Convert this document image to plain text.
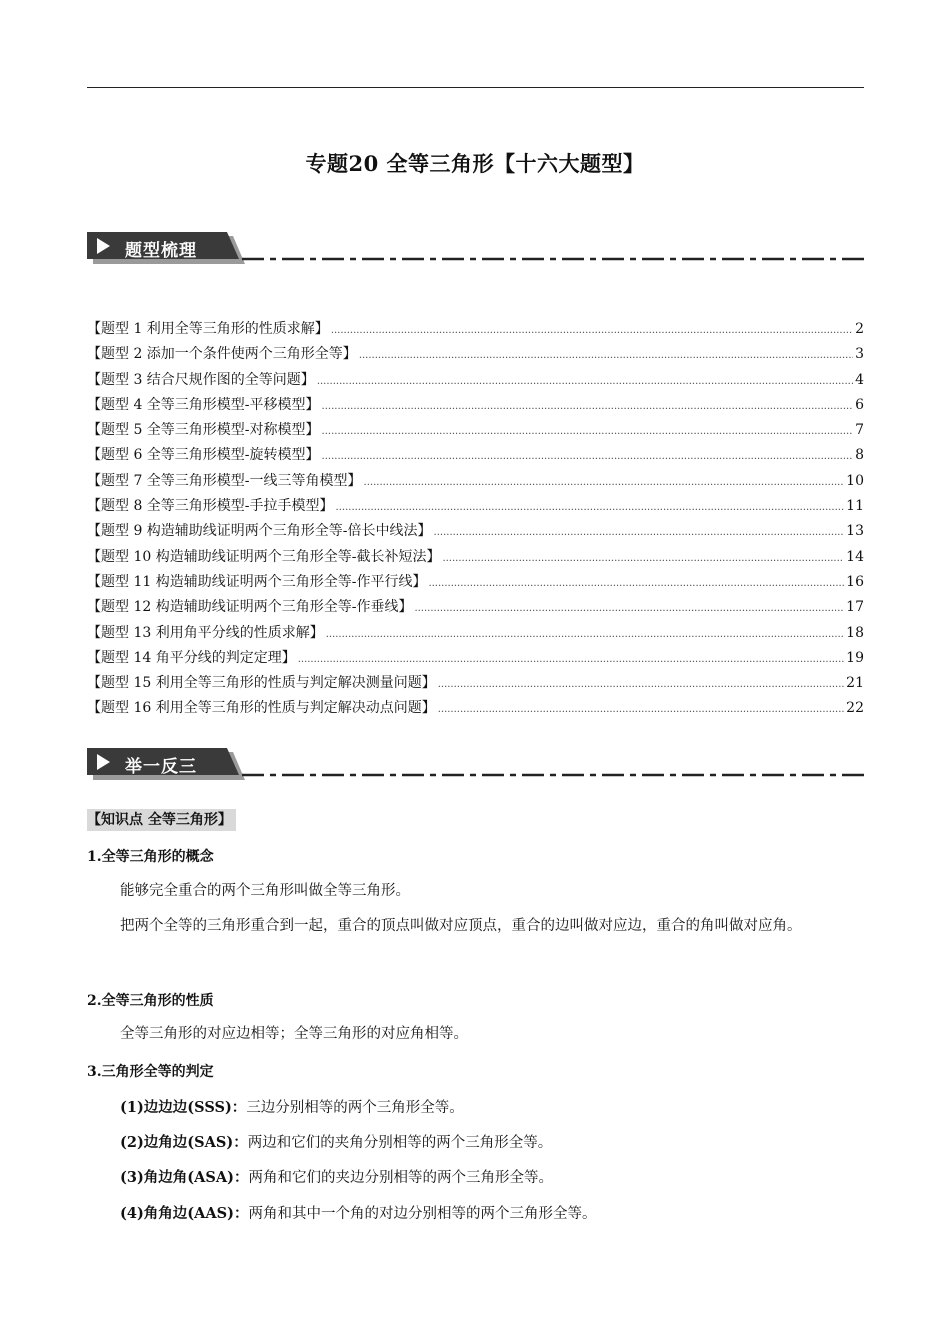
专题20 全等三角形【十六大题型】
题型梳理
【题型 1 利用全等三角形的性质求解】 .....	2
【题型 2 添加一个条件使两个三角形全等】 .....	3
【题型 3 结合尺规作图的全等问题】 .....	4
【题型 4 全等三角形模型-平移模型】 .....	6
【题型 5 全等三角形模型-对称模型】 .....	7
【题型 6 全等三角形模型-旋转模型】 .....	8
【题型 7 全等三角形模型-一线三等角模型】 .....	10
【题型 8 全等三角形模型-手拉手模型】 .....	11
【题型 9 构造辅助线证明两个三角形全等-倍长中线法】 .....	13
【题型 10 构造辅助线证明两个三角形全等-截长补短法】 .....	14
【题型 11 构造辅助线证明两个三角形全等-作平行线】 .....	16
【题型 12 构造辅助线证明两个三角形全等-作垂线】 .....	17
【题型 13 利用角平分线的性质求解】 .....	18
【题型 14 角平分线的判定定理】 .....	19
【题型 15 利用全等三角形的性质与判定解决测量问题】 .....	21
【题型 16 利用全等三角形的性质与判定解决动点问题】 .....	22
举一反三
【知识点 全等三角形】
1.全等三角形的概念
能够完全重合的两个三角形叫做全等三角形。
把两个全等的三角形重合到一起，重合的顶点叫做对应顶点，重合的边叫做对应边，重合的角叫做对应角。
2.全等三角形的性质
全等三角形的对应边相等；全等三角形的对应角相等。
3.三角形全等的判定
(1)边边边(SSS)：三边分别相等的两个三角形全等。
(2)边角边(SAS)：两边和它们的夹角分别相等的两个三角形全等。
(3)角边角(ASA)：两角和它们的夹边分别相等的两个三角形全等。
(4)角角边(AAS)：两角和其中一个角的对边分别相等的两个三角形全等。
